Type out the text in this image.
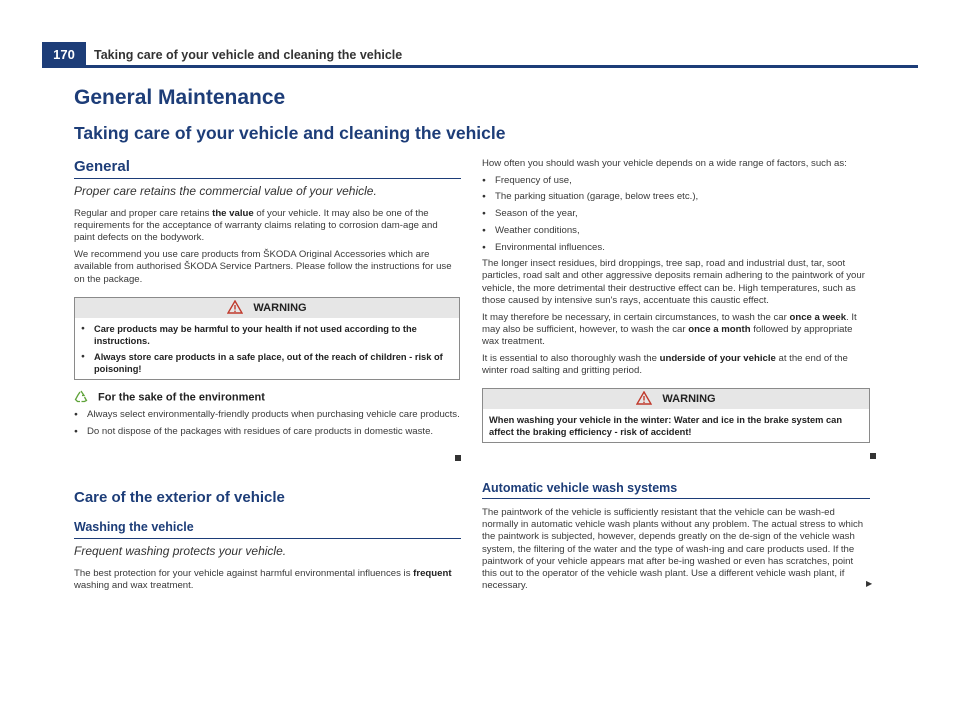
170	Taking care of your vehicle and cleaning the vehicle
General Maintenance
Taking care of your vehicle and cleaning the vehicle
General

Proper care retains the commercial value of your vehicle.

Regular and proper care retains the value of your vehicle. It may also be one of the requirements for the acceptance of warranty claims relating to corrosion dam-age and paint defects on the bodywork.

We recommend you use care products from ŠKODA Original Accessories which are available from authorised ŠKODA Service Partners. Please follow the instructions for use on the package.

WARNING
● Care products may be harmful to your health if not used according to the instructions.
● Always store care products in a safe place, out of the reach of children - risk of poisoning!
For the sake of the environment
● Always select environmentally-friendly products when purchasing vehicle care products.
● Do not dispose of the packages with residues of care products in domestic waste.
Care of the exterior of vehicle
Washing the vehicle

Frequent washing protects your vehicle.

The best protection for your vehicle against harmful environmental influences is frequent washing and wax treatment.

How often you should wash your vehicle depends on a wide range of factors, such as:

● Frequency of use,
● The parking situation (garage, below trees etc.),
● Season of the year,
● Weather conditions,
● Environmental influences.

The longer insect residues, bird droppings, tree sap, road and industrial dust, tar, soot particles, road salt and other aggressive deposits remain adhering to the paintwork of your vehicle, the more detrimental their destructive effect can be. High temperatures, such as those caused by intensive sun's rays, accentuate this caustic effect.

It may therefore be necessary, in certain circumstances, to wash the car once a week. It may also be sufficient, however, to wash the car once a month followed by appropriate wax treatment.

It is essential to also thoroughly wash the underside of your vehicle at the end of the winter road salting and gritting period.

WARNING
When washing your vehicle in the winter: Water and ice in the brake system can affect the braking efficiency - risk of accident!
Automatic vehicle wash systems

The paintwork of the vehicle is sufficiently resistant that the vehicle can be wash-ed normally in automatic vehicle wash plants without any problem. The actual stress to which the paintwork is subjected, however, depends greatly on the de-sign of the vehicle wash system, the filtering of the water and the type of wash-ing and care products used. If the paintwork of your vehicle appears mat after be-ing washed or even has scratches, point this out to the operator of the vehicle wash plant. Use a different vehicle wash plant, if necessary.	▶
